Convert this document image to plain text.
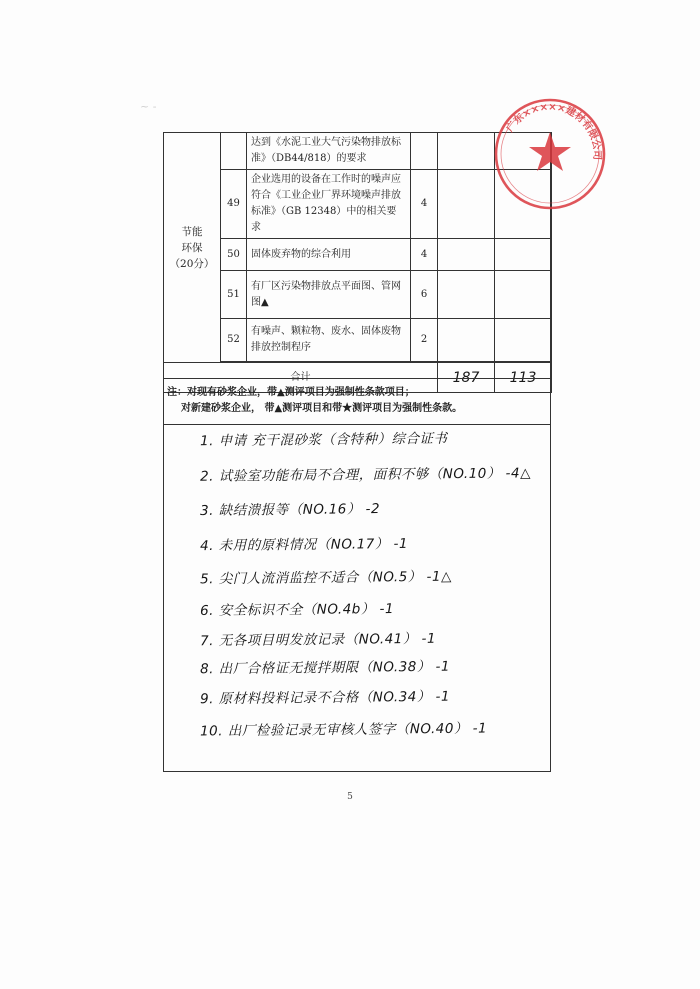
~ -
节能
环保
（20分）		达到《水泥工业大气污染物排放标准》（DB44/818）的要求			
	49	企业选用的设备在工作时的噪声应符合《工业企业厂界环境噪声排放标准》（GB 12348）中的相关要求	4		
	50	固体废弃物的综合利用	4		
	51	有厂区污染物排放点平面图、管网图▲	6		
	52	有噪声、颗粒物、废水、固体废物排放控制程序	2		

合计				187	113
注：对现有砂浆企业，带▲测评项目为强制性条款项目；
对新建砂浆企业， 带▲测评项目和带★测评项目为强制性条款。
1. 申请 充干混砂浆（含特种）综合证书
2. 试验室功能布局不合理，面积不够（NO.10） -4△
3. 缺结溃报等（NO.16） -2
4. 未用的原料情况（NO.17） -1
5. 尖门人流消监控不适合（NO.5） -1△
6. 安全标识不全（NO.4b） -1
7. 无各项目明发放记录（NO.41） -1
8. 出厂合格证无搅拌期限（NO.38） -1
9. 原材料投料记录不合格（NO.34） -1
10. 出厂检验记录无审核人签字（NO.40） -1
5
广东×××××建材有限公司
